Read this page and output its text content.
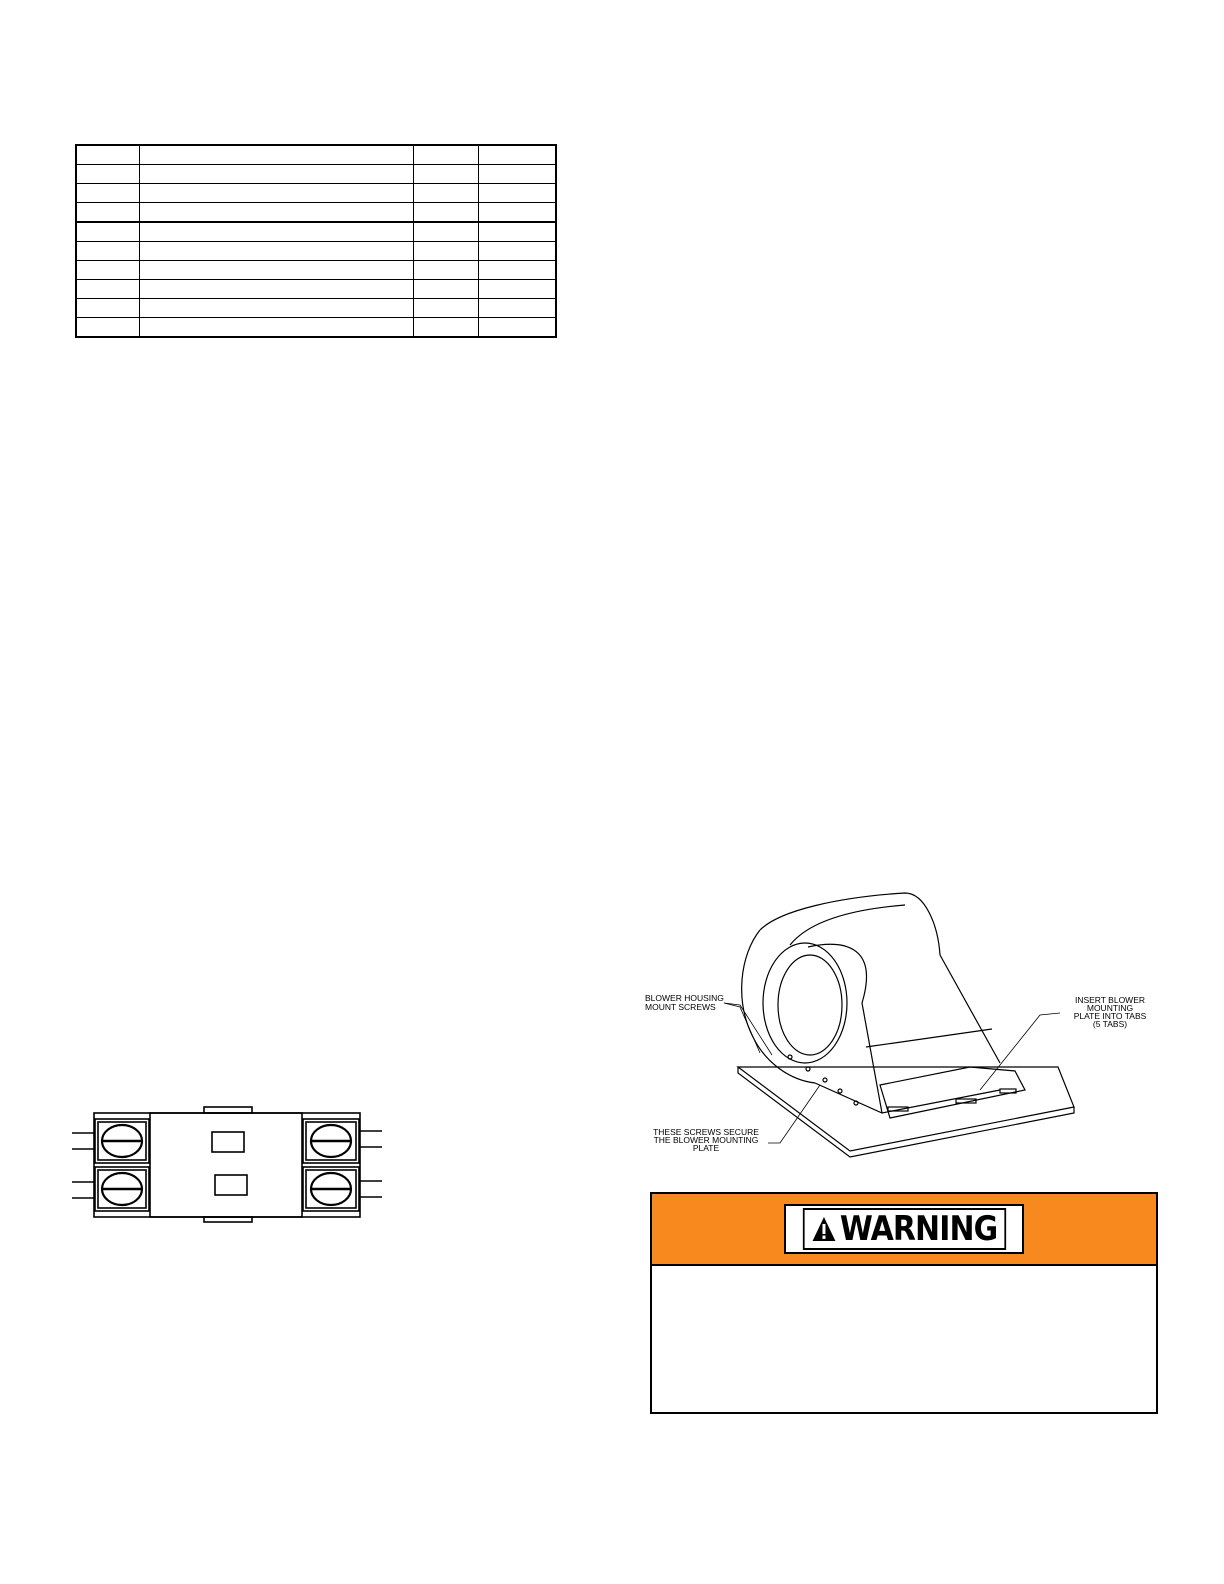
BLOWER HOUSING
MOUNT SCREWS
INSERT BLOWER
MOUNTING
PLATE INTO TABS
(5 TABS)
THESE SCREWS SECURE
THE BLOWER MOUNTING
PLATE
WARNING
